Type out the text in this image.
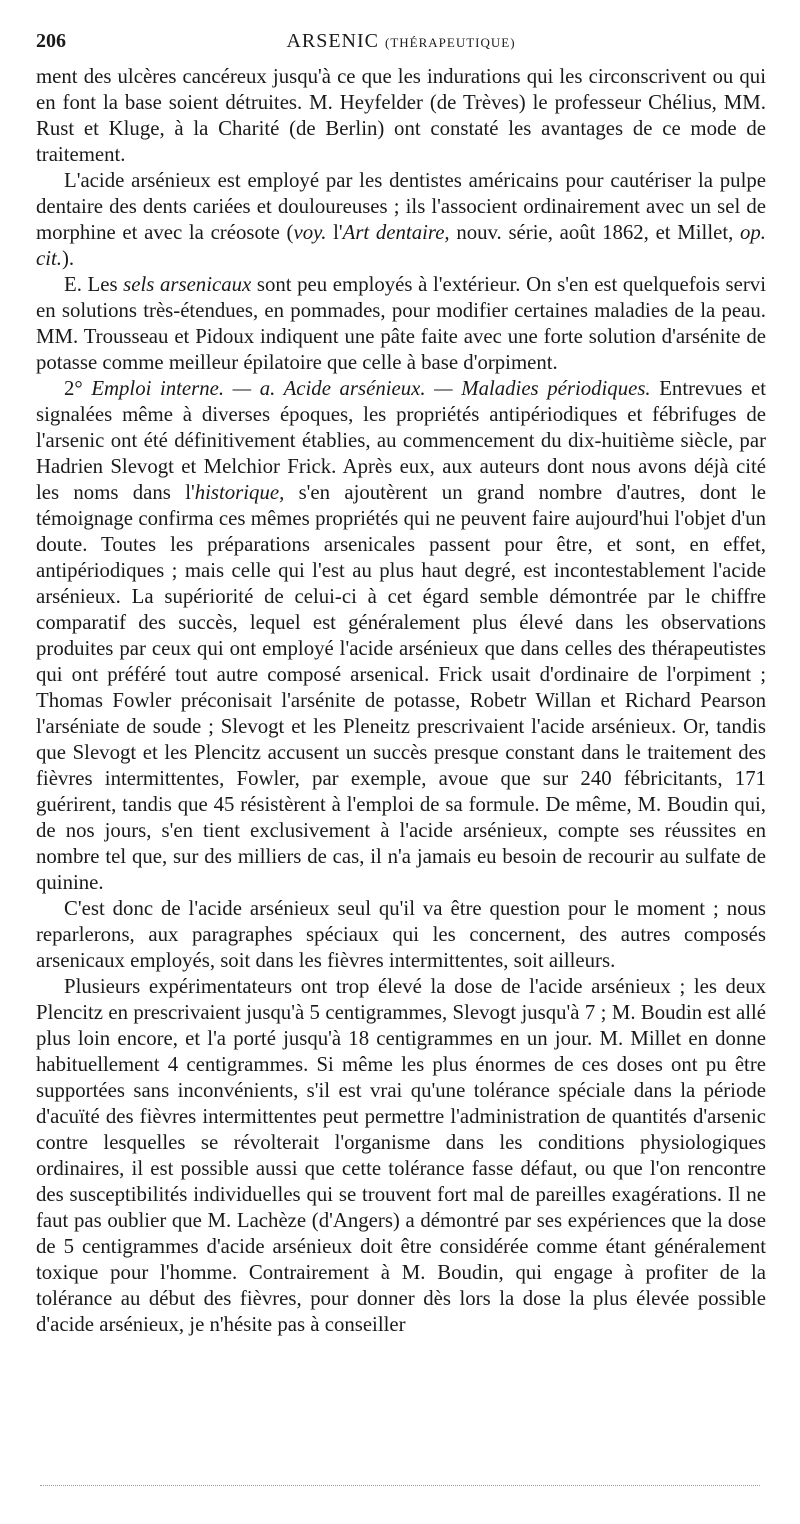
206	ARSENIC (THÉRAPEUTIQUE)

ment des ulcères cancéreux jusqu'à ce que les indurations qui les circonscrivent ou qui en font la base soient détruites. M. Heyfelder (de Trèves) le professeur Chélius, MM. Rust et Kluge, à la Charité (de Berlin) ont constaté les avantages de ce mode de traitement.

L'acide arsénieux est employé par les dentistes américains pour cautériser la pulpe dentaire des dents cariées et douloureuses ; ils l'associent ordinairement avec un sel de morphine et avec la créosote (voy. l'Art dentaire, nouv. série, août 1862, et Millet, op. cit.).

E. Les sels arsenicaux sont peu employés à l'extérieur. On s'en est quelquefois servi en solutions très-étendues, en pommades, pour modifier certaines maladies de la peau. MM. Trousseau et Pidoux indiquent une pâte faite avec une forte solution d'arsénite de potasse comme meilleur épilatoire que celle à base d'orpiment.

2° Emploi interne. — a. Acide arsénieux. — Maladies périodiques. Entrevues et signalées même à diverses époques, les propriétés antipériodiques et fébrifuges de l'arsenic ont été définitivement établies, au commencement du dix-huitième siècle, par Hadrien Slevogt et Melchior Frick. Après eux, aux auteurs dont nous avons déjà cité les noms dans l'historique, s'en ajoutèrent un grand nombre d'autres, dont le témoignage confirma ces mêmes propriétés qui ne peuvent faire aujourd'hui l'objet d'un doute. Toutes les préparations arsenicales passent pour être, et sont, en effet, antipériodiques ; mais celle qui l'est au plus haut degré, est incontestablement l'acide arsénieux. La supériorité de celui-ci à cet égard semble démontrée par le chiffre comparatif des succès, lequel est généralement plus élevé dans les observations produites par ceux qui ont employé l'acide arsénieux que dans celles des thérapeutistes qui ont préféré tout autre composé arsenical. Frick usait d'ordinaire de l'orpiment ; Thomas Fowler préconisait l'arsénite de potasse, Robetr Willan et Richard Pearson l'arséniate de soude ; Slevogt et les Pleneitz prescrivaient l'acide arsénieux. Or, tandis que Slevogt et les Plencitz accusent un succès presque constant dans le traitement des fièvres intermittentes, Fowler, par exemple, avoue que sur 240 fébricitants, 171 guérirent, tandis que 45 résistèrent à l'emploi de sa formule. De même, M. Boudin qui, de nos jours, s'en tient exclusivement à l'acide arsénieux, compte ses réussites en nombre tel que, sur des milliers de cas, il n'a jamais eu besoin de recourir au sulfate de quinine.

C'est donc de l'acide arsénieux seul qu'il va être question pour le moment ; nous reparlerons, aux paragraphes spéciaux qui les concernent, des autres composés arsenicaux employés, soit dans les fièvres intermittentes, soit ailleurs.

Plusieurs expérimentateurs ont trop élevé la dose de l'acide arsénieux ; les deux Plencitz en prescrivaient jusqu'à 5 centigrammes, Slevogt jusqu'à 7 ; M. Boudin est allé plus loin encore, et l'a porté jusqu'à 18 centigrammes en un jour. M. Millet en donne habituellement 4 centigrammes. Si même les plus énormes de ces doses ont pu être supportées sans inconvénients, s'il est vrai qu'une tolérance spéciale dans la période d'acuïté des fièvres intermittentes peut permettre l'administration de quantités d'arsenic contre lesquelles se révolterait l'organisme dans les conditions physiologiques ordinaires, il est possible aussi que cette tolérance fasse défaut, ou que l'on rencontre des susceptibilités individuelles qui se trouvent fort mal de pareilles exagérations. Il ne faut pas oublier que M. Lachèze (d'Angers) a démontré par ses expériences que la dose de 5 centigrammes d'acide arsénieux doit être considérée comme étant généralement toxique pour l'homme. Contrairement à M. Boudin, qui engage à profiter de la tolérance au début des fièvres, pour donner dès lors la dose la plus élevée possible d'acide arsénieux, je n'hésite pas à conseiller
